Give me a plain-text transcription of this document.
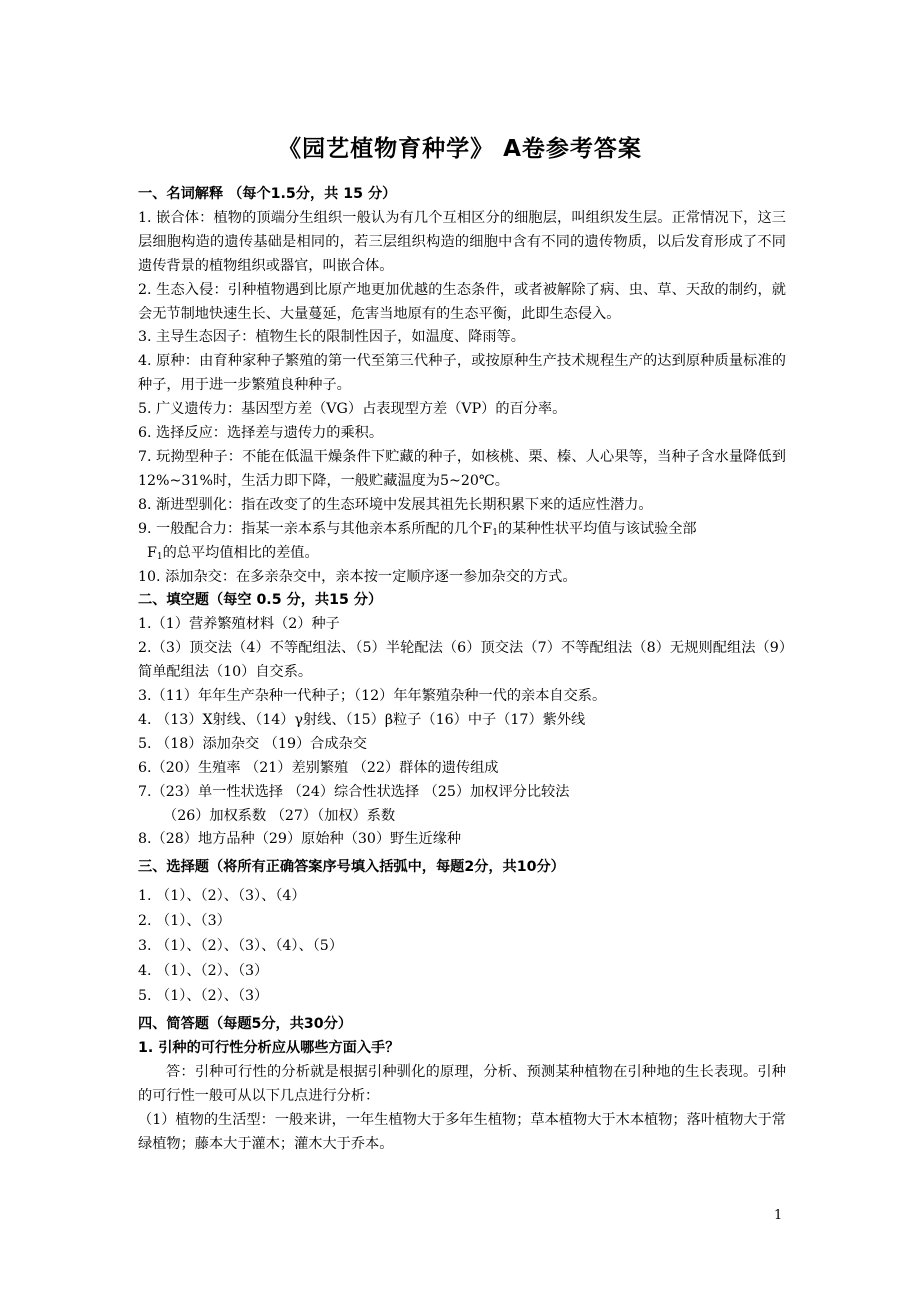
《园艺植物育种学》 A卷参考答案

一、名词解释 （每个1.5分，共 15 分）

1. 嵌合体：植物的顶端分生组织一般认为有几个互相区分的细胞层，叫组织发生层。正常情况下，这三层细胞构造的遗传基础是相同的，若三层组织构造的细胞中含有不同的遗传物质，以后发育形成了不同遗传背景的植物组织或器官，叫嵌合体。

2. 生态入侵：引种植物遇到比原产地更加优越的生态条件，或者被解除了病、虫、草、天敌的制约，就会无节制地快速生长、大量蔓延，危害当地原有的生态平衡，此即生态侵入。

3. 主导生态因子：植物生长的限制性因子，如温度、降雨等。

4. 原种：由育种家种子繁殖的第一代至第三代种子，或按原种生产技术规程生产的达到原种质量标准的种子，用于进一步繁殖良种种子。

5. 广义遗传力：基因型方差（VG）占表现型方差（VP）的百分率。

6. 选择反应：选择差与遗传力的乘积。

7. 玩拗型种子：不能在低温干燥条件下贮藏的种子，如核桃、栗、榛、人心果等，当种子含水量降低到12%~31%时，生活力即下降，一般贮藏温度为5~20℃。

8. 渐进型驯化：指在改变了的生态环境中发展其祖先长期积累下来的适应性潜力。

9. 一般配合力：指某一亲本系与其他亲本系所配的几个$F_1$的某种性状平均值与该试验全部

$F_1$的总平均值相比的差值。

10. 添加杂交：在多亲杂交中，亲本按一定顺序逐一参加杂交的方式。

二、填空题（每空 0.5 分，共15 分）

1.（1）营养繁殖材料（2）种子

2.（3）顶交法（4）不等配组法、（5）半轮配法（6）顶交法（7）不等配组法（8）无规则配组法（9）简单配组法（10）自交系。

3.（11）年年生产杂种一代种子；（12）年年繁殖杂种一代的亲本自交系。

4. （13）X射线、（14）γ射线、（15）β粒子（16）中子（17）紫外线

5. （18）添加杂交 （19）合成杂交

6.（20）生殖率 （21）差别繁殖 （22）群体的遗传组成

7.（23）单一性状选择 （24）综合性状选择 （25）加权评分比较法

（26）加权系数 （27）（加权）系数

8.（28）地方品种（29）原始种（30）野生近缘种

三、选择题（将所有正确答案序号填入括弧中，每题2分，共10分）

1. （1）、（2）、（3）、（4）

2. （1）、（3）

3. （1）、（2）、（3）、（4）、（5）

4. （1）、（2）、（3）

5. （1）、（2）、（3）

四、简答题（每题5分，共30分）

1. 引种的可行性分析应从哪些方面入手？

答：引种可行性的分析就是根据引种驯化的原理，分析、预测某种植物在引种地的生长表现。引种的可行性一般可从以下几点进行分析：

（1）植物的生活型：一般来讲，一年生植物大于多年生植物；草本植物大于木本植物；落叶植物大于常绿植物；藤本大于灌木；灌木大于乔本。

1
